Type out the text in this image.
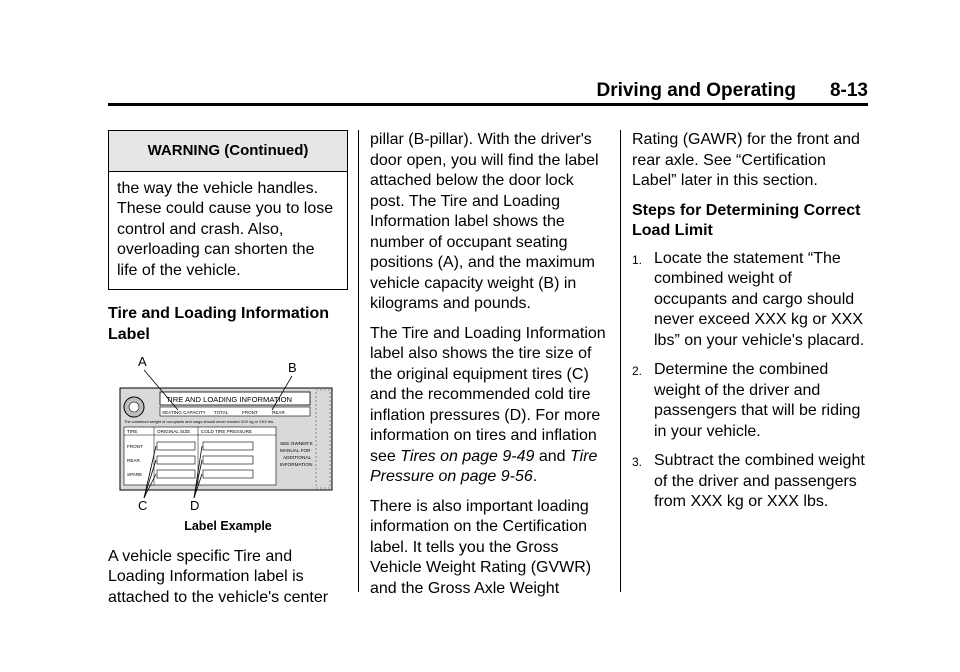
Driving and Operating 8-13
WARNING (Continued)
the way the vehicle handles. These could cause you to lose control and crash. Also, overloading can shorten the life of the vehicle.
Tire and Loading Information Label
A	B
C	D
TIRE AND LOADING INFORMATION
SEATING CAPACITY TOTAL	FRONT	REAR
The combined weight of occupants and cargo should never exceed XXX kg or XXX lbs.
TIRE	ORIGINAL SIZE COLD TIRE PRESSURE
FRONT
REAR
SPARE
SEE OWNER'S
MANUAL FOR
ADDITIONAL
INFORMATION
Label Example

A vehicle specific Tire and Loading Information label is attached to the vehicle's center

pillar (B-pillar). With the driver's door open, you will find the label attached below the door lock post. The Tire and Loading Information label shows the number of occupant seating positions (A), and the maximum vehicle capacity weight (B) in kilograms and pounds.

The Tire and Loading Information label also shows the tire size of the original equipment tires (C) and the recommended cold tire inflation pressures (D). For more information on tires and inflation see Tires on page 9-49 and Tire Pressure on page 9-56.

There is also important loading information on the Certification label. It tells you the Gross Vehicle Weight Rating (GVWR) and the Gross Axle Weight

Rating (GAWR) for the front and rear axle. See “Certification Label” later in this section.

Steps for Determining Correct Load Limit
1. Locate the statement “The combined weight of occupants and cargo should never exceed XXX kg or XXX lbs” on your vehicle's placard.
2. Determine the combined weight of the driver and passengers that will be riding in your vehicle.
3. Subtract the combined weight of the driver and passengers from XXX kg or XXX lbs.
